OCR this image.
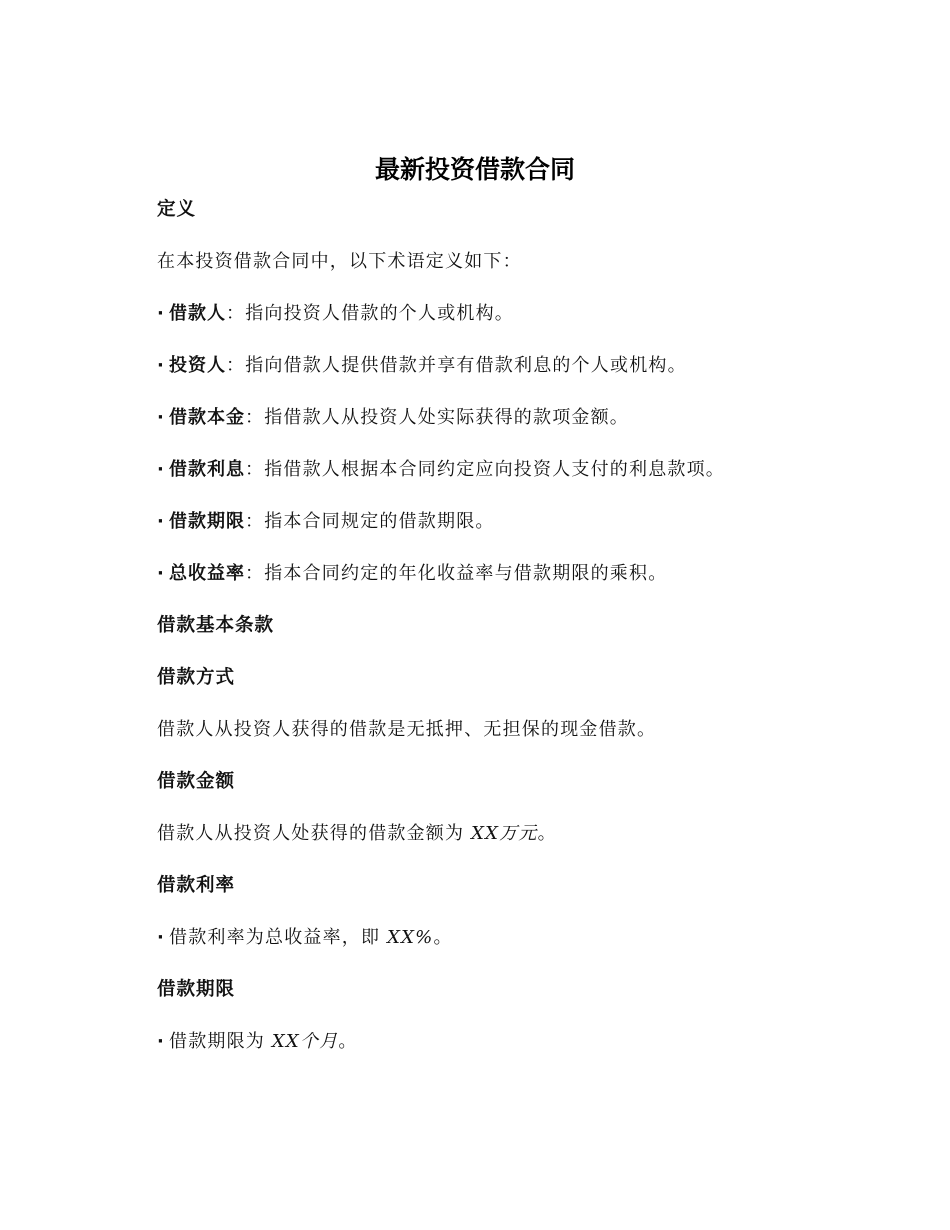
最新投资借款合同
定义
在本投资借款合同中，以下术语定义如下：
· 借款人：指向投资人借款的个人或机构。
· 投资人：指向借款人提供借款并享有借款利息的个人或机构。
· 借款本金：指借款人从投资人处实际获得的款项金额。
· 借款利息：指借款人根据本合同约定应向投资人支付的利息款项。
· 借款期限：指本合同规定的借款期限。
· 总收益率：指本合同约定的年化收益率与借款期限的乘积。
借款基本条款
借款方式
借款人从投资人获得的借款是无抵押、无担保的现金借款。
借款金额
借款人从投资人处获得的借款金额为 XX万元。
借款利率
· 借款利率为总收益率，即 XX%。
借款期限
· 借款期限为 XX个月。
